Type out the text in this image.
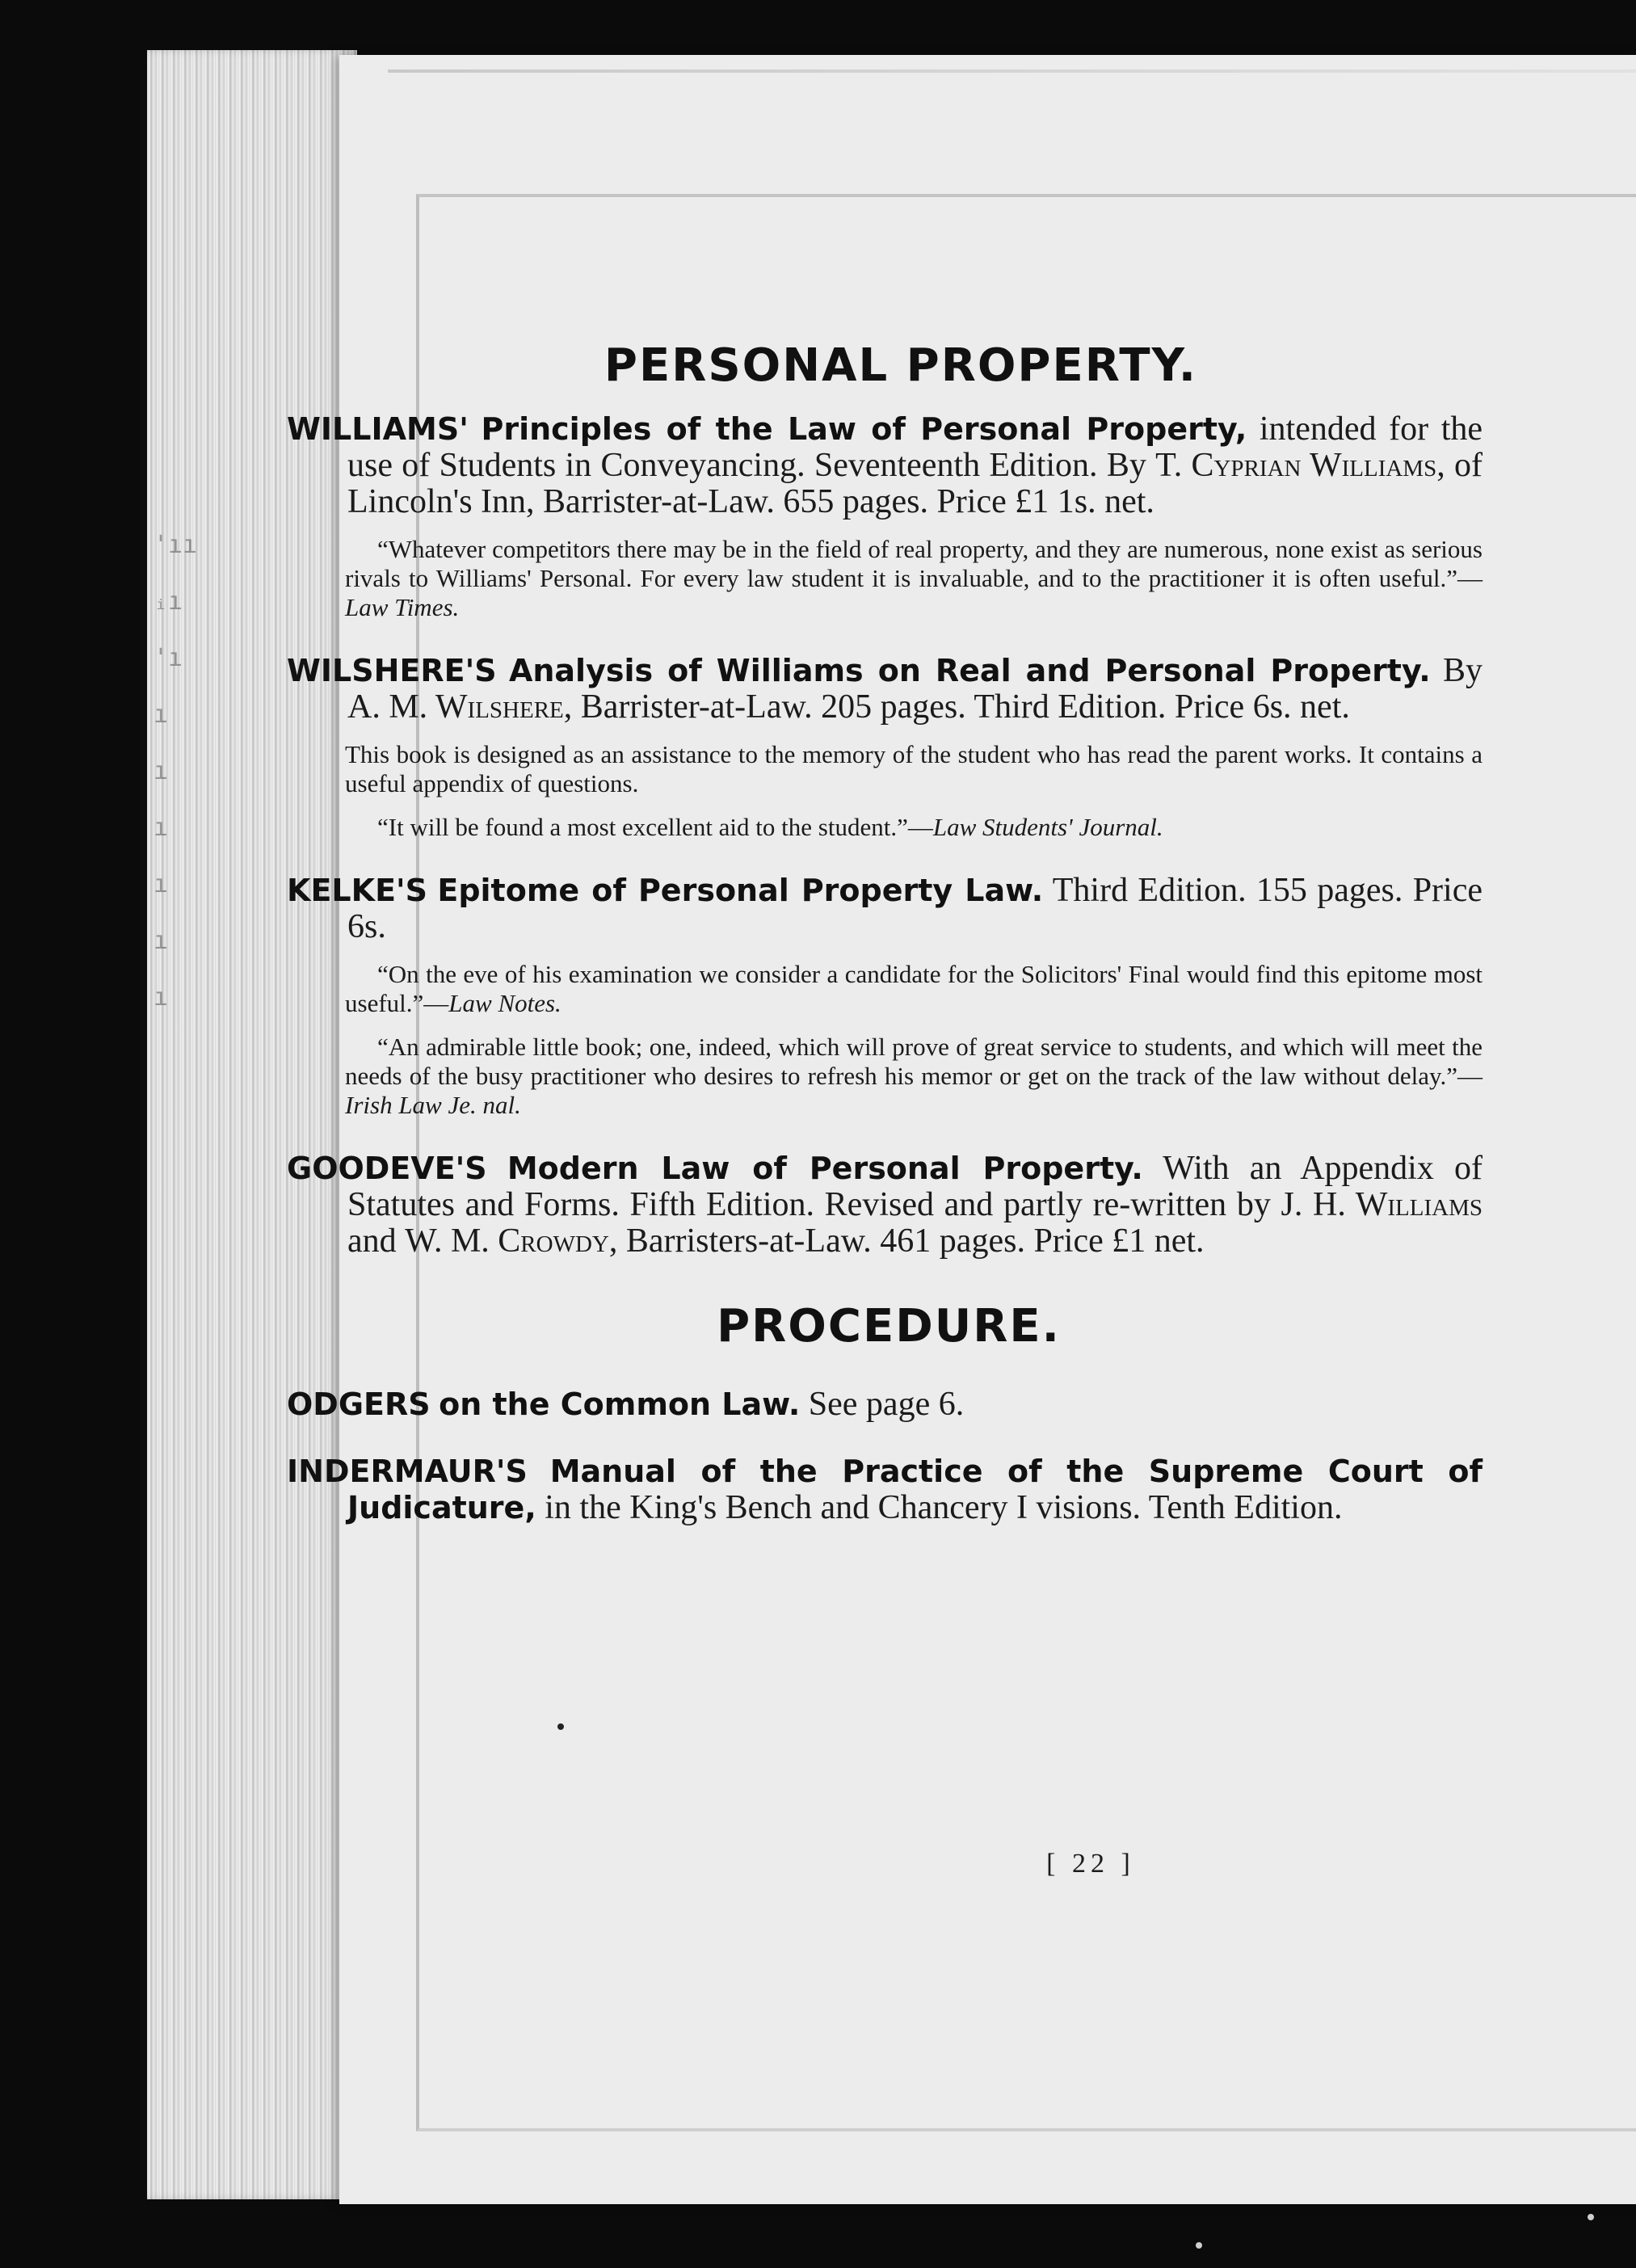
'ıı
ᵢı
'ı
ı
ı
ı
ı
ı
ı
PERSONAL PROPERTY.

WILLIAMS' Principles of the Law of Personal Property, intended for the use of Students in Conveyancing. Seventeenth Edition. By T. Cyprian Williams, of Lincoln's Inn, Barrister-at-Law. 655 pages. Price £1 1s. net.

“Whatever competitors there may be in the field of real property, and they are numerous, none exist as serious rivals to Williams' Personal. For every law student it is invaluable, and to the practitioner it is often useful.”—Law Times.

WILSHERE'S Analysis of Williams on Real and Personal Property. By A. M. Wilshere, Barrister-at-Law. 205 pages. Third Edition. Price 6s. net.

This book is designed as an assistance to the memory of the student who has read the parent works. It contains a useful appendix of questions.

“It will be found a most excellent aid to the student.”—Law Students' Journal.

KELKE'S Epitome of Personal Property Law. Third Edition. 155 pages. Price 6s.

“On the eve of his examination we consider a candidate for the Solicitors' Final would find this epitome most useful.”—Law Notes.

“An admirable little book; one, indeed, which will prove of great service to students, and which will meet the needs of the busy practitioner who desires to refresh his memor or get on the track of the law without delay.”—Irish Law Je. nal.

GOODEVE'S Modern Law of Personal Property. With an Appendix of Statutes and Forms. Fifth Edition. Revised and partly re-written by J. H. Williams and W. M. Crowdy, Barristers-at-Law. 461 pages. Price £1 net.

PROCEDURE.

ODGERS on the Common Law. See page 6.

INDERMAUR'S Manual of the Practice of the Supreme Court of Judicature, in the King's Bench and Chancery I visions. Tenth Edition.

[ 22 ]
